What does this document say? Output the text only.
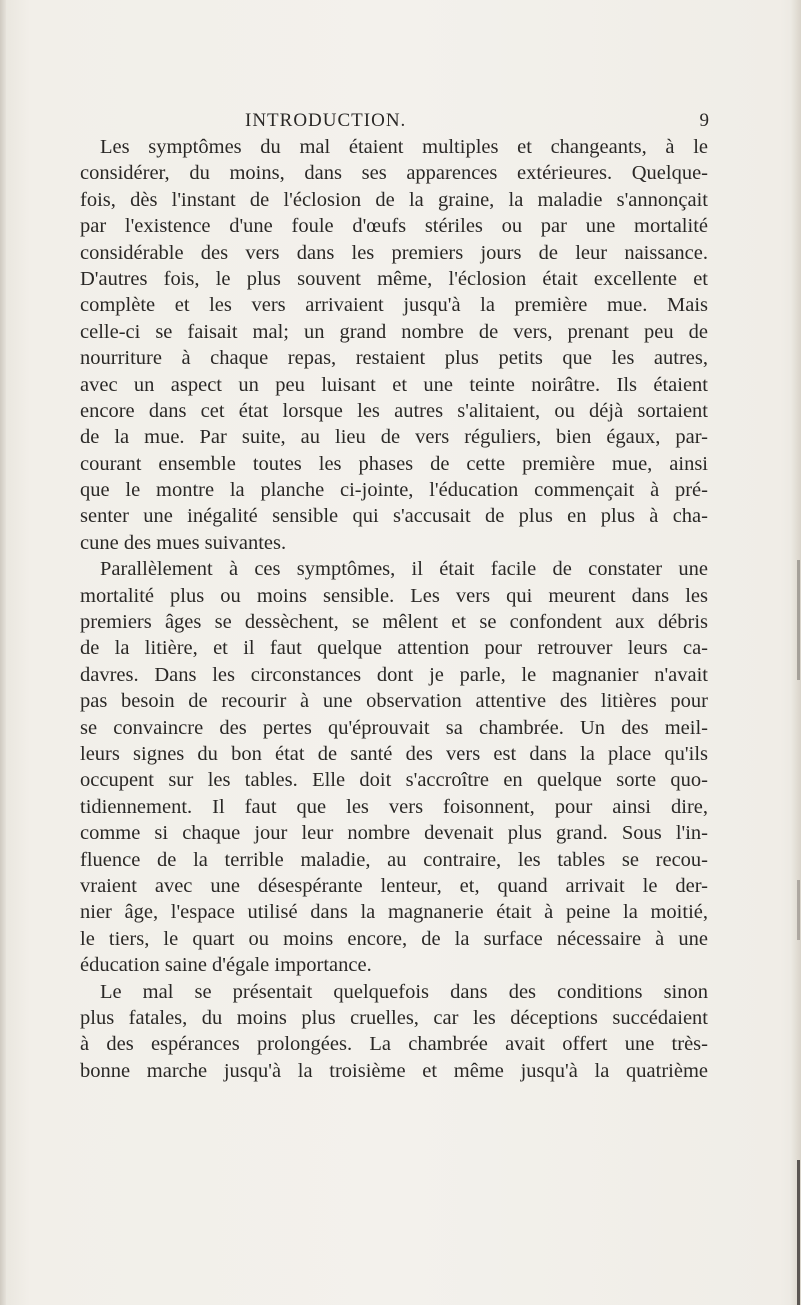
INTRODUCTION.	9
Les symptômes du mal étaient multiples et changeants, à le
considérer, du moins, dans ses apparences extérieures. Quelque-
fois, dès l'instant de l'éclosion de la graine, la maladie s'annonçait
par l'existence d'une foule d'œufs stériles ou par une mortalité
considérable des vers dans les premiers jours de leur naissance.
D'autres fois, le plus souvent même, l'éclosion était excellente et
complète et les vers arrivaient jusqu'à la première mue. Mais
celle-ci se faisait mal; un grand nombre de vers, prenant peu de
nourriture à chaque repas, restaient plus petits que les autres,
avec un aspect un peu luisant et une teinte noirâtre. Ils étaient
encore dans cet état lorsque les autres s'alitaient, ou déjà sortaient
de la mue. Par suite, au lieu de vers réguliers, bien égaux, par-
courant ensemble toutes les phases de cette première mue, ainsi
que le montre la planche ci-jointe, l'éducation commençait à pré-
senter une inégalité sensible qui s'accusait de plus en plus à cha-
cune des mues suivantes.
Parallèlement à ces symptômes, il était facile de constater une
mortalité plus ou moins sensible. Les vers qui meurent dans les
premiers âges se dessèchent, se mêlent et se confondent aux débris
de la litière, et il faut quelque attention pour retrouver leurs ca-
davres. Dans les circonstances dont je parle, le magnanier n'avait
pas besoin de recourir à une observation attentive des litières pour
se convaincre des pertes qu'éprouvait sa chambrée. Un des meil-
leurs signes du bon état de santé des vers est dans la place qu'ils
occupent sur les tables. Elle doit s'accroître en quelque sorte quo-
tidiennement. Il faut que les vers foisonnent, pour ainsi dire,
comme si chaque jour leur nombre devenait plus grand. Sous l'in-
fluence de la terrible maladie, au contraire, les tables se recou-
vraient avec une désespérante lenteur, et, quand arrivait le der-
nier âge, l'espace utilisé dans la magnanerie était à peine la moitié,
le tiers, le quart ou moins encore, de la surface nécessaire à une
éducation saine d'égale importance.
Le mal se présentait quelquefois dans des conditions sinon
plus fatales, du moins plus cruelles, car les déceptions succédaient
à des espérances prolongées. La chambrée avait offert une très-
bonne marche jusqu'à la troisième et même jusqu'à la quatrième
